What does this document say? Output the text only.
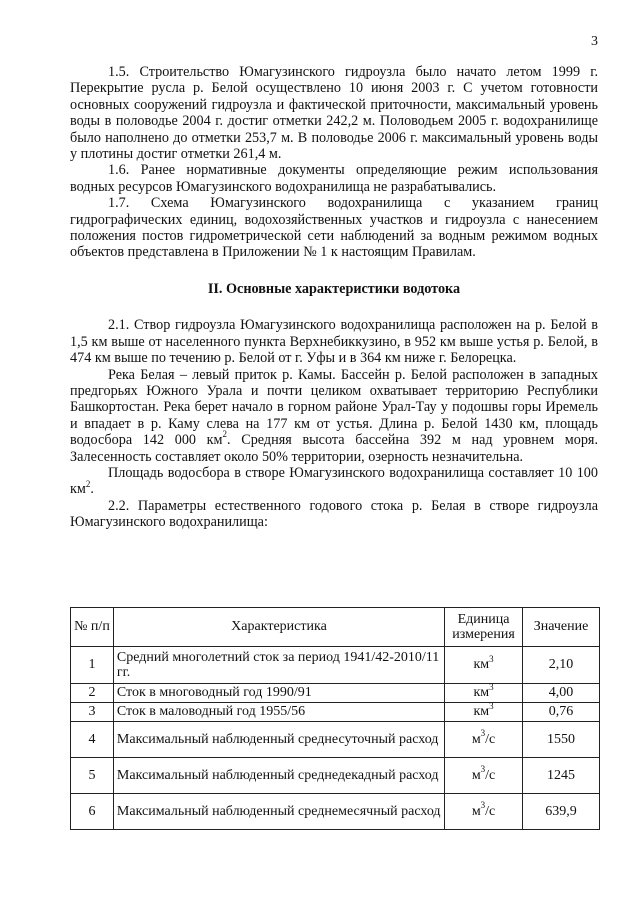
3

1.5. Строительство Юмагузинского гидроузла было начато летом 1999 г. Перекрытие русла р. Белой осуществлено 10 июня 2003 г. С учетом готовности основных сооружений гидроузла и фактической приточности, максимальный уровень воды в половодье 2004 г. достиг отметки 242,2 м. Половодьем 2005 г. водохранилище было наполнено до отметки 253,7 м. В половодье 2006 г. максимальный уровень воды у плотины достиг отметки 261,4 м.

1.6. Ранее нормативные документы определяющие режим использования водных ресурсов Юмагузинского водохранилища не разрабатывались.

1.7. Схема Юмагузинского водохранилища с указанием границ гидрографических единиц, водохозяйственных участков и гидроузла с нанесением положения постов гидрометрической сети наблюдений за водным режимом водных объектов представлена в Приложении № 1 к настоящим Правилам.

II. Основные характеристики водотока

2.1. Створ гидроузла Юмагузинского водохранилища расположен на р. Белой в 1,5 км выше от населенного пункта Верхнебиккузино, в 952 км выше устья р. Белой, в 474 км выше по течению р. Белой от г. Уфы и в 364 км ниже г. Белорецка.

Река Белая – левый приток р. Камы. Бассейн р. Белой расположен в западных предгорьях Южного Урала и почти целиком охватывает территорию Республики Башкортостан. Река берет начало в горном районе Урал-Тау у подошвы горы Иремель и впадает в р. Каму слева на 177 км от устья. Длина р. Белой 1430 км, площадь водосбора 142 000 $км^2$. Средняя высота бассейна 392 м над уровнем моря. Залесенность составляет около 50% территории, озерность незначительна.

Площадь водосбора в створе Юмагузинского водохранилища составляет 10 100 $км^2$.

2.2. Параметры естественного годового стока р. Белая в створе гидроузла Юмагузинского водохранилища:

№ п/п	Характеристика	Единица измерения	Значение
1	Средний многолетний сток за период 1941/42-2010/11 гг.	$км^3$	2,10
2	Сток в многоводный год 1990/91	$км^3$	4,00
3	Сток в маловодный год 1955/56	$км^3$	0,76
4	Максимальный наблюденный среднесуточный расход	$м^3/с$	1550
5	Максимальный наблюденный среднедекадный расход	$м^3/с$	1245
6	Максимальный наблюденный среднемесячный расход	$м^3/с$	639,9
